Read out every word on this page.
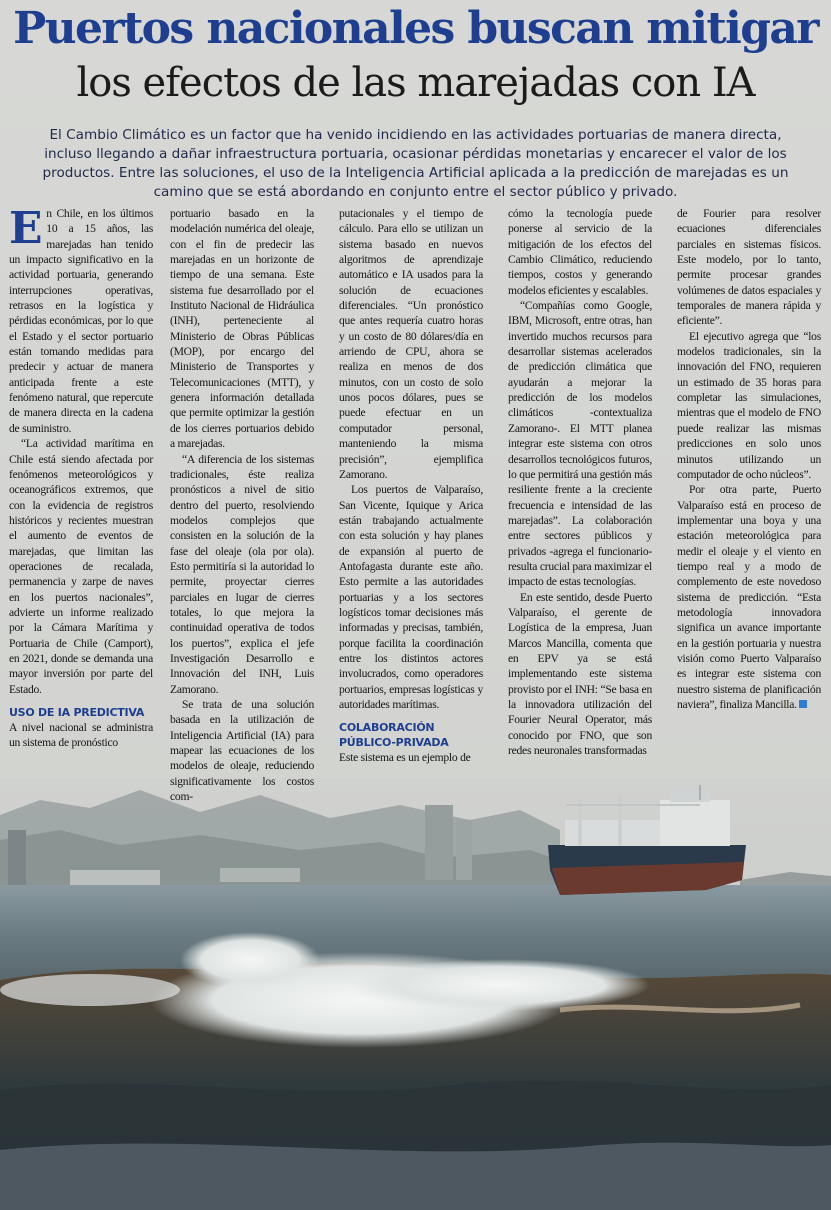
Puertos nacionales buscan mitigar
los efectos de las marejadas con IA
El Cambio Climático es un factor que ha venido incidiendo en las actividades portuarias de manera directa, incluso llegando a dañar infraestructura portuaria, ocasionar pérdidas monetarias y encarecer el valor de los productos. Entre las soluciones, el uso de la Inteligencia Artificial aplicada a la predicción de marejadas es un camino que se está abordando en conjunto entre el sector público y privado.

En Chile, en los últimos 10 a 15 años, las marejadas han tenido un impacto significativo en la actividad portuaria, generando interrupciones operativas, retrasos en la logística y pérdidas económicas, por lo que el Estado y el sector portuario están tomando medidas para predecir y actuar de manera anticipada frente a este fenómeno natural, que repercute de manera directa en la cadena de suministro.

“La actividad marítima en Chile está siendo afectada por fenómenos meteorológicos y oceanográficos extremos, que con la evidencia de registros históricos y recientes muestran el aumento de eventos de marejadas, que limitan las operaciones de recalada, permanencia y zarpe de naves en los puertos nacionales”, advierte un informe realizado por la Cámara Marítima y Portuaria de Chile (Camport), en 2021, donde se demanda una mayor inversión por parte del Estado.

USO DE IA PREDICTIVA

A nivel nacional se administra un sistema de pronóstico

portuario basado en la modelación numérica del oleaje, con el fin de predecir las marejadas en un horizonte de tiempo de una semana. Este sistema fue desarrollado por el Instituto Nacional de Hidráulica (INH), perteneciente al Ministerio de Obras Públicas (MOP), por encargo del Ministerio de Transportes y Telecomunicaciones (MTT), y genera información detallada que permite optimizar la gestión de los cierres portuarios debido a marejadas.

“A diferencia de los sistemas tradicionales, éste realiza pronósticos a nivel de sitio dentro del puerto, resolviendo modelos complejos que consisten en la solución de la fase del oleaje (ola por ola). Esto permitiría si la autoridad lo permite, proyectar cierres parciales en lugar de cierres totales, lo que mejora la continuidad operativa de todos los puertos”, explica el jefe Investigación Desarrollo e Innovación del INH, Luis Zamorano.

Se trata de una solución basada en la utilización de Inteligencia Artificial (IA) para mapear las ecuaciones de los modelos de oleaje, reduciendo significativamente los costos com-

putacionales y el tiempo de cálculo. Para ello se utilizan un sistema basado en nuevos algoritmos de aprendizaje automático e IA usados para la solución de ecuaciones diferenciales. “Un pronóstico que antes requería cuatro horas y un costo de 80 dólares/día en arriendo de CPU, ahora se realiza en menos de dos minutos, con un costo de solo unos pocos dólares, pues se puede efectuar en un computador personal, manteniendo la misma precisión”, ejemplifica Zamorano.

Los puertos de Valparaíso, San Vicente, Iquique y Arica están trabajando actualmente con esta solución y hay planes de expansión al puerto de Antofagasta durante este año. Esto permite a las autoridades portuarias y a los sectores logísticos tomar decisiones más informadas y precisas, también, porque facilita la coordinación entre los distintos actores involucrados, como operadores portuarios, empresas logísticas y autoridades marítimas.

COLABORACIÓN PÚBLICO-PRIVADA

Este sistema es un ejemplo de

cómo la tecnología puede ponerse al servicio de la mitigación de los efectos del Cambio Climático, reduciendo tiempos, costos y generando modelos eficientes y escalables.

“Compañías como Google, IBM, Microsoft, entre otras, han invertido muchos recursos para desarrollar sistemas acelerados de predicción climática que ayudarán a mejorar la predicción de los modelos climáticos -contextualiza Zamorano-. El MTT planea integrar este sistema con otros desarrollos tecnológicos futuros, lo que permitirá una gestión más resiliente frente a la creciente frecuencia e intensidad de las marejadas”. La colaboración entre sectores públicos y privados -agrega el funcionario- resulta crucial para maximizar el impacto de estas tecnologías.

En este sentido, desde Puerto Valparaíso, el gerente de Logística de la empresa, Juan Marcos Mancilla, comenta que en EPV ya se está implementando este sistema provisto por el INH: “Se basa en la innovadora utilización del Fourier Neural Operator, más conocido por FNO, que son redes neuronales transformadas

de Fourier para resolver ecuaciones diferenciales parciales en sistemas físicos. Este modelo, por lo tanto, permite procesar grandes volúmenes de datos espaciales y temporales de manera rápida y eficiente”.

El ejecutivo agrega que “los modelos tradicionales, sin la innovación del FNO, requieren un estimado de 35 horas para completar las simulaciones, mientras que el modelo de FNO puede realizar las mismas predicciones en solo unos minutos utilizando un computador de ocho núcleos”.

Por otra parte, Puerto Valparaíso está en proceso de implementar una boya y una estación meteorológica para medir el oleaje y el viento en tiempo real y a modo de complemento de este novedoso sistema de predicción. “Esta metodología innovadora significa un avance importante en la gestión portuaria y nuestra visión como Puerto Valparaíso es integrar este sistema con nuestro sistema de planificación naviera”, finaliza Mancilla.
